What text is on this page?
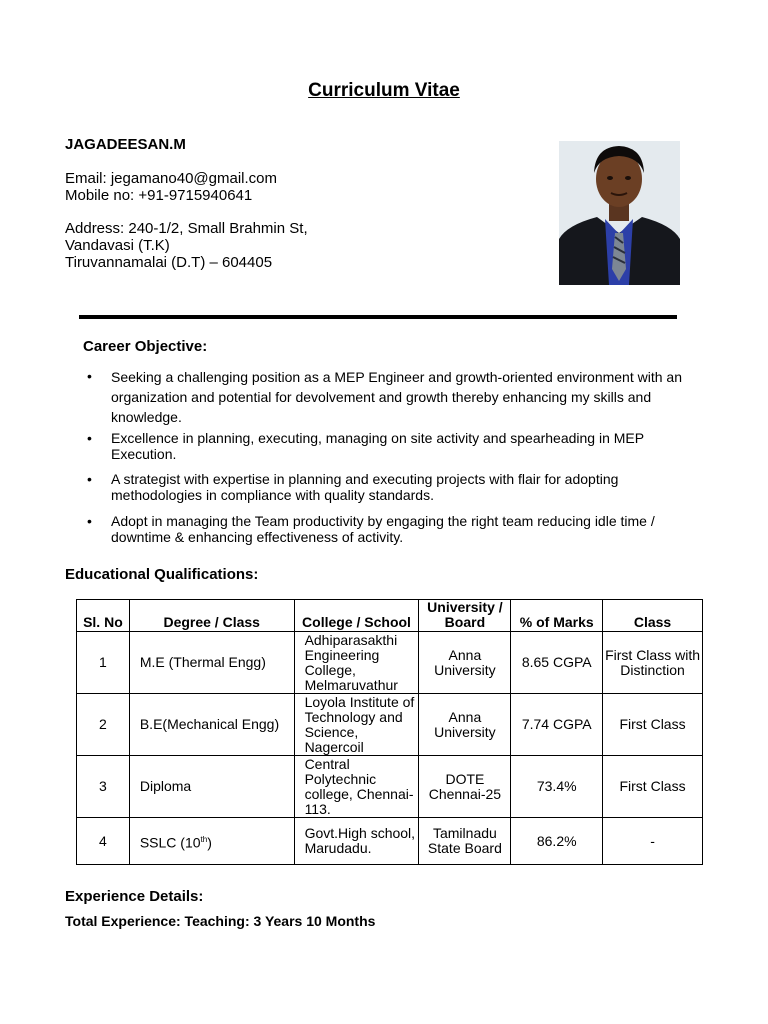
Curriculum Vitae
JAGADEESAN.M
Email: jegamano40@gmail.com
Mobile no: +91-9715940641
Address: 240-1/2, Small Brahmin St,
Vandavasi (T.K)
Tiruvannamalai (D.T) – 604405
Career Objective:
• Seeking a challenging position as a MEP Engineer and growth-oriented environment with an organization and potential for devolvement and growth thereby enhancing my skills and knowledge.
• Excellence in planning, executing, managing on site activity and spearheading in MEP Execution.
• A strategist with expertise in planning and executing projects with flair for adopting methodologies in compliance with quality standards.
• Adopt in managing the Team productivity by engaging the right team reducing idle time / downtime & enhancing effectiveness of activity.
Educational Qualifications:
Sl. No	Degree / Class	College / School	University / Board	% of Marks	Class
1	M.E (Thermal Engg)	Adhiparasakthi Engineering College, Melmaruvathur	Anna University	8.65 CGPA	First Class with Distinction
2	B.E(Mechanical Engg)	Loyola Institute of Technology and Science, Nagercoil	Anna University	7.74 CGPA	First Class
3	Diploma	Central Polytechnic college, Chennai-113.	DOTE Chennai-25	73.4%	First Class
4	SSLC (10th)	Govt.High school, Marudadu.	Tamilnadu State Board	86.2%	-
Experience Details:
Total Experience: Teaching: 3 Years 10 Months
